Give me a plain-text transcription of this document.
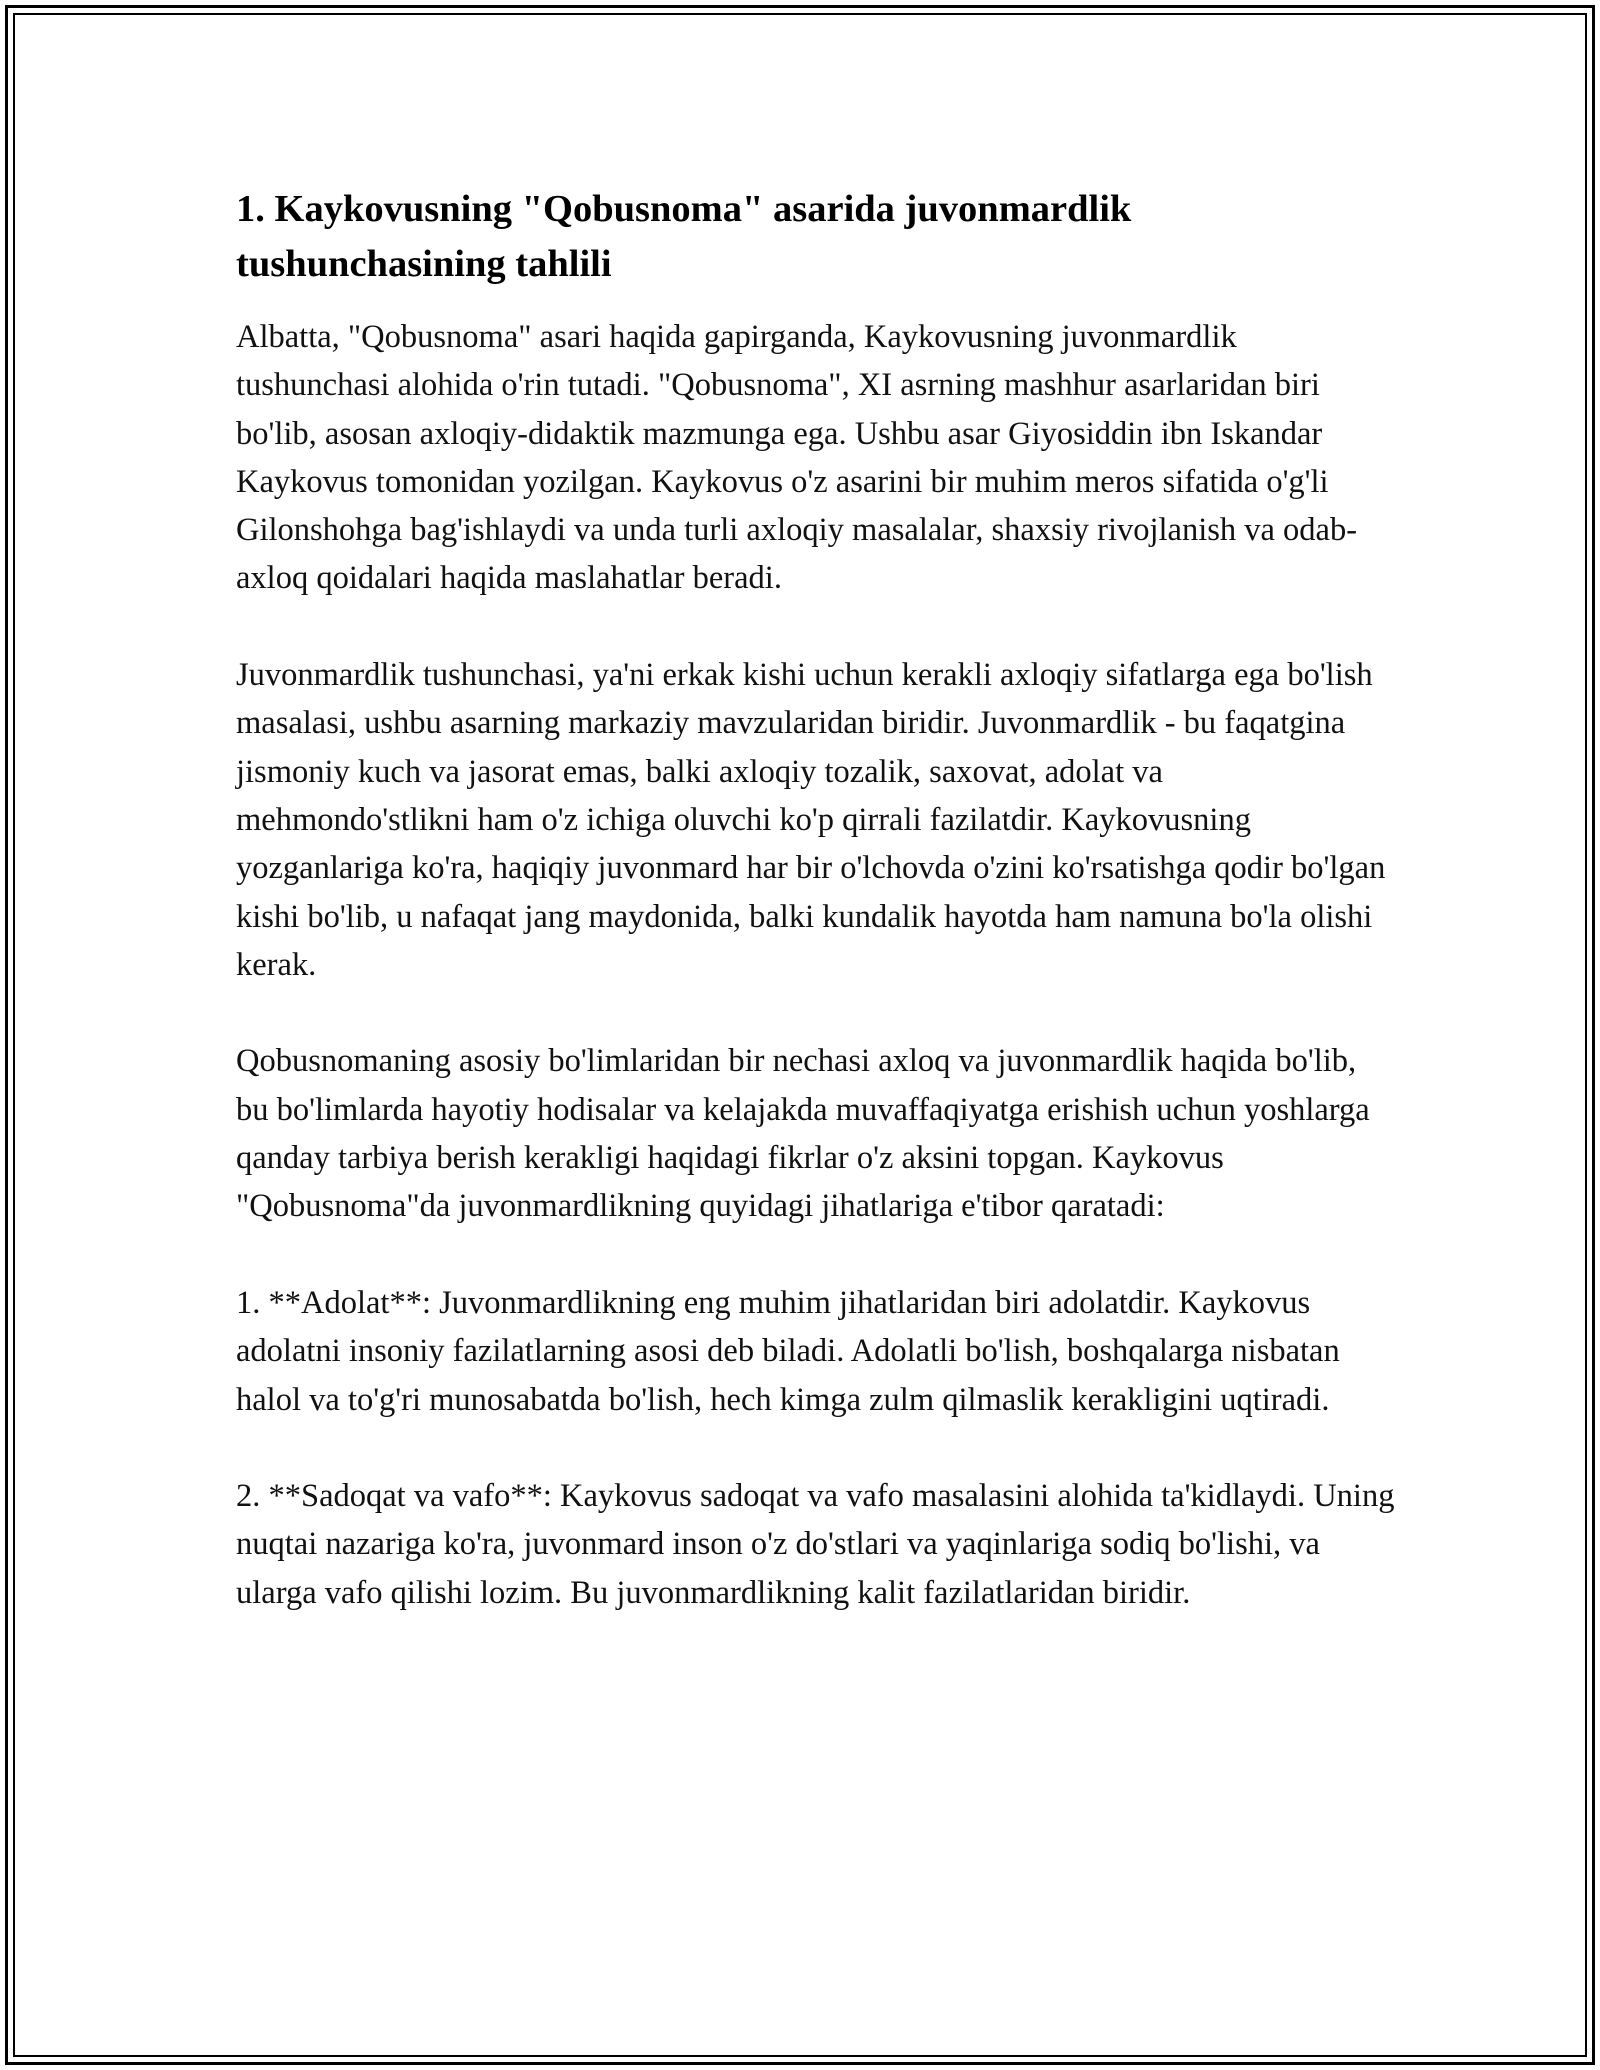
1. Kaykovusning "Qobusnoma" asarida juvonmardlik tushunchasining tahlili

Albatta, "Qobusnoma" asari haqida gapirganda, Kaykovusning juvonmardlik tushunchasi alohida o'rin tutadi. "Qobusnoma", XI asrning mashhur asarlaridan biri bo'lib, asosan axloqiy-didaktik mazmunga ega. Ushbu asar Giyosiddin ibn Iskandar Kaykovus tomonidan yozilgan. Kaykovus o'z asarini bir muhim meros sifatida o'g'li Gilonshohga bag'ishlaydi va unda turli axloqiy masalalar, shaxsiy rivojlanish va odab-axloq qoidalari haqida maslahatlar beradi.

Juvonmardlik tushunchasi, ya'ni erkak kishi uchun kerakli axloqiy sifatlarga ega bo'lish masalasi, ushbu asarning markaziy mavzularidan biridir. Juvonmardlik - bu faqatgina jismoniy kuch va jasorat emas, balki axloqiy tozalik, saxovat, adolat va mehmondo'stlikni ham o'z ichiga oluvchi ko'p qirrali fazilatdir. Kaykovusning yozganlariga ko'ra, haqiqiy juvonmard har bir o'lchovda o'zini ko'rsatishga qodir bo'lgan kishi bo'lib, u nafaqat jang maydonida, balki kundalik hayotda ham namuna bo'la olishi kerak.

Qobusnomaning asosiy bo'limlaridan bir nechasi axloq va juvonmardlik haqida bo'lib, bu bo'limlarda hayotiy hodisalar va kelajakda muvaffaqiyatga erishish uchun yoshlarga qanday tarbiya berish kerakligi haqidagi fikrlar o'z aksini topgan. Kaykovus "Qobusnoma"da juvonmardlikning quyidagi jihatlariga e'tibor qaratadi:

1. **Adolat**: Juvonmardlikning eng muhim jihatlaridan biri adolatdir. Kaykovus adolatni insoniy fazilatlarning asosi deb biladi. Adolatli bo'lish, boshqalarga nisbatan halol va to'g'ri munosabatda bo'lish, hech kimga zulm qilmaslik kerakligini uqtiradi.

2. **Sadoqat va vafo**: Kaykovus sadoqat va vafo masalasini alohida ta'kidlaydi. Uning nuqtai nazariga ko'ra, juvonmard inson o'z do'stlari va yaqinlariga sodiq bo'lishi, va ularga vafo qilishi lozim. Bu juvonmardlikning kalit fazilatlaridan biridir.
